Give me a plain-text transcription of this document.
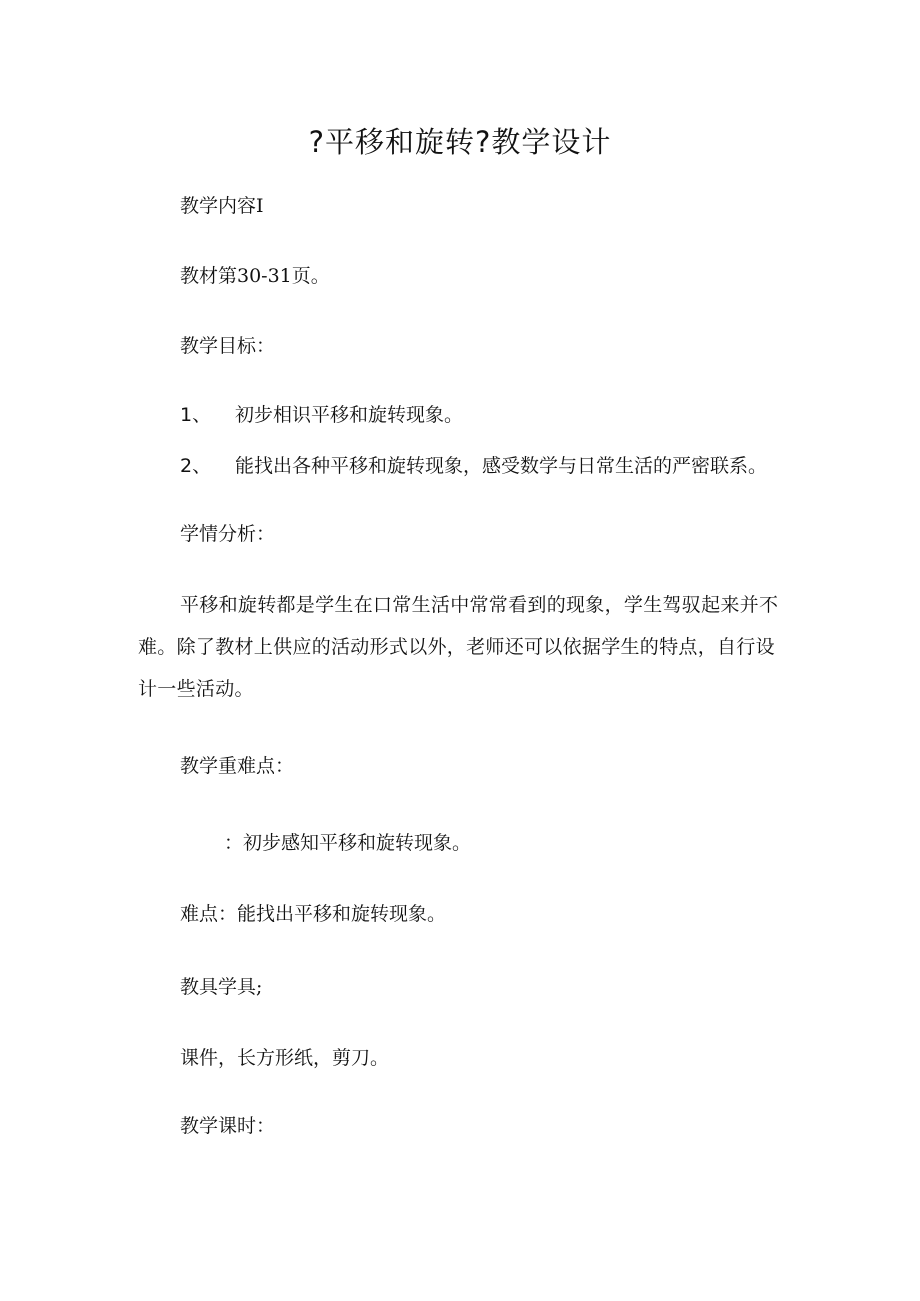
?平移和旋转?教学设计

教学内容I

教材第30-31页。

教学目标：

1、 初步相识平移和旋转现象。

2、 能找出各种平移和旋转现象，感受数学与日常生活的严密联系。

学情分析：

平移和旋转都是学生在口常生活中常常看到的现象，学生驾驭起来并不难。除了教材上供应的活动形式以外，老师还可以依据学生的特点，自行设计一些活动。

教学重难点：

：初步感知平移和旋转现象。

难点：能找出平移和旋转现象。

教具学具;

课件，长方形纸，剪刀。

教学课时：
